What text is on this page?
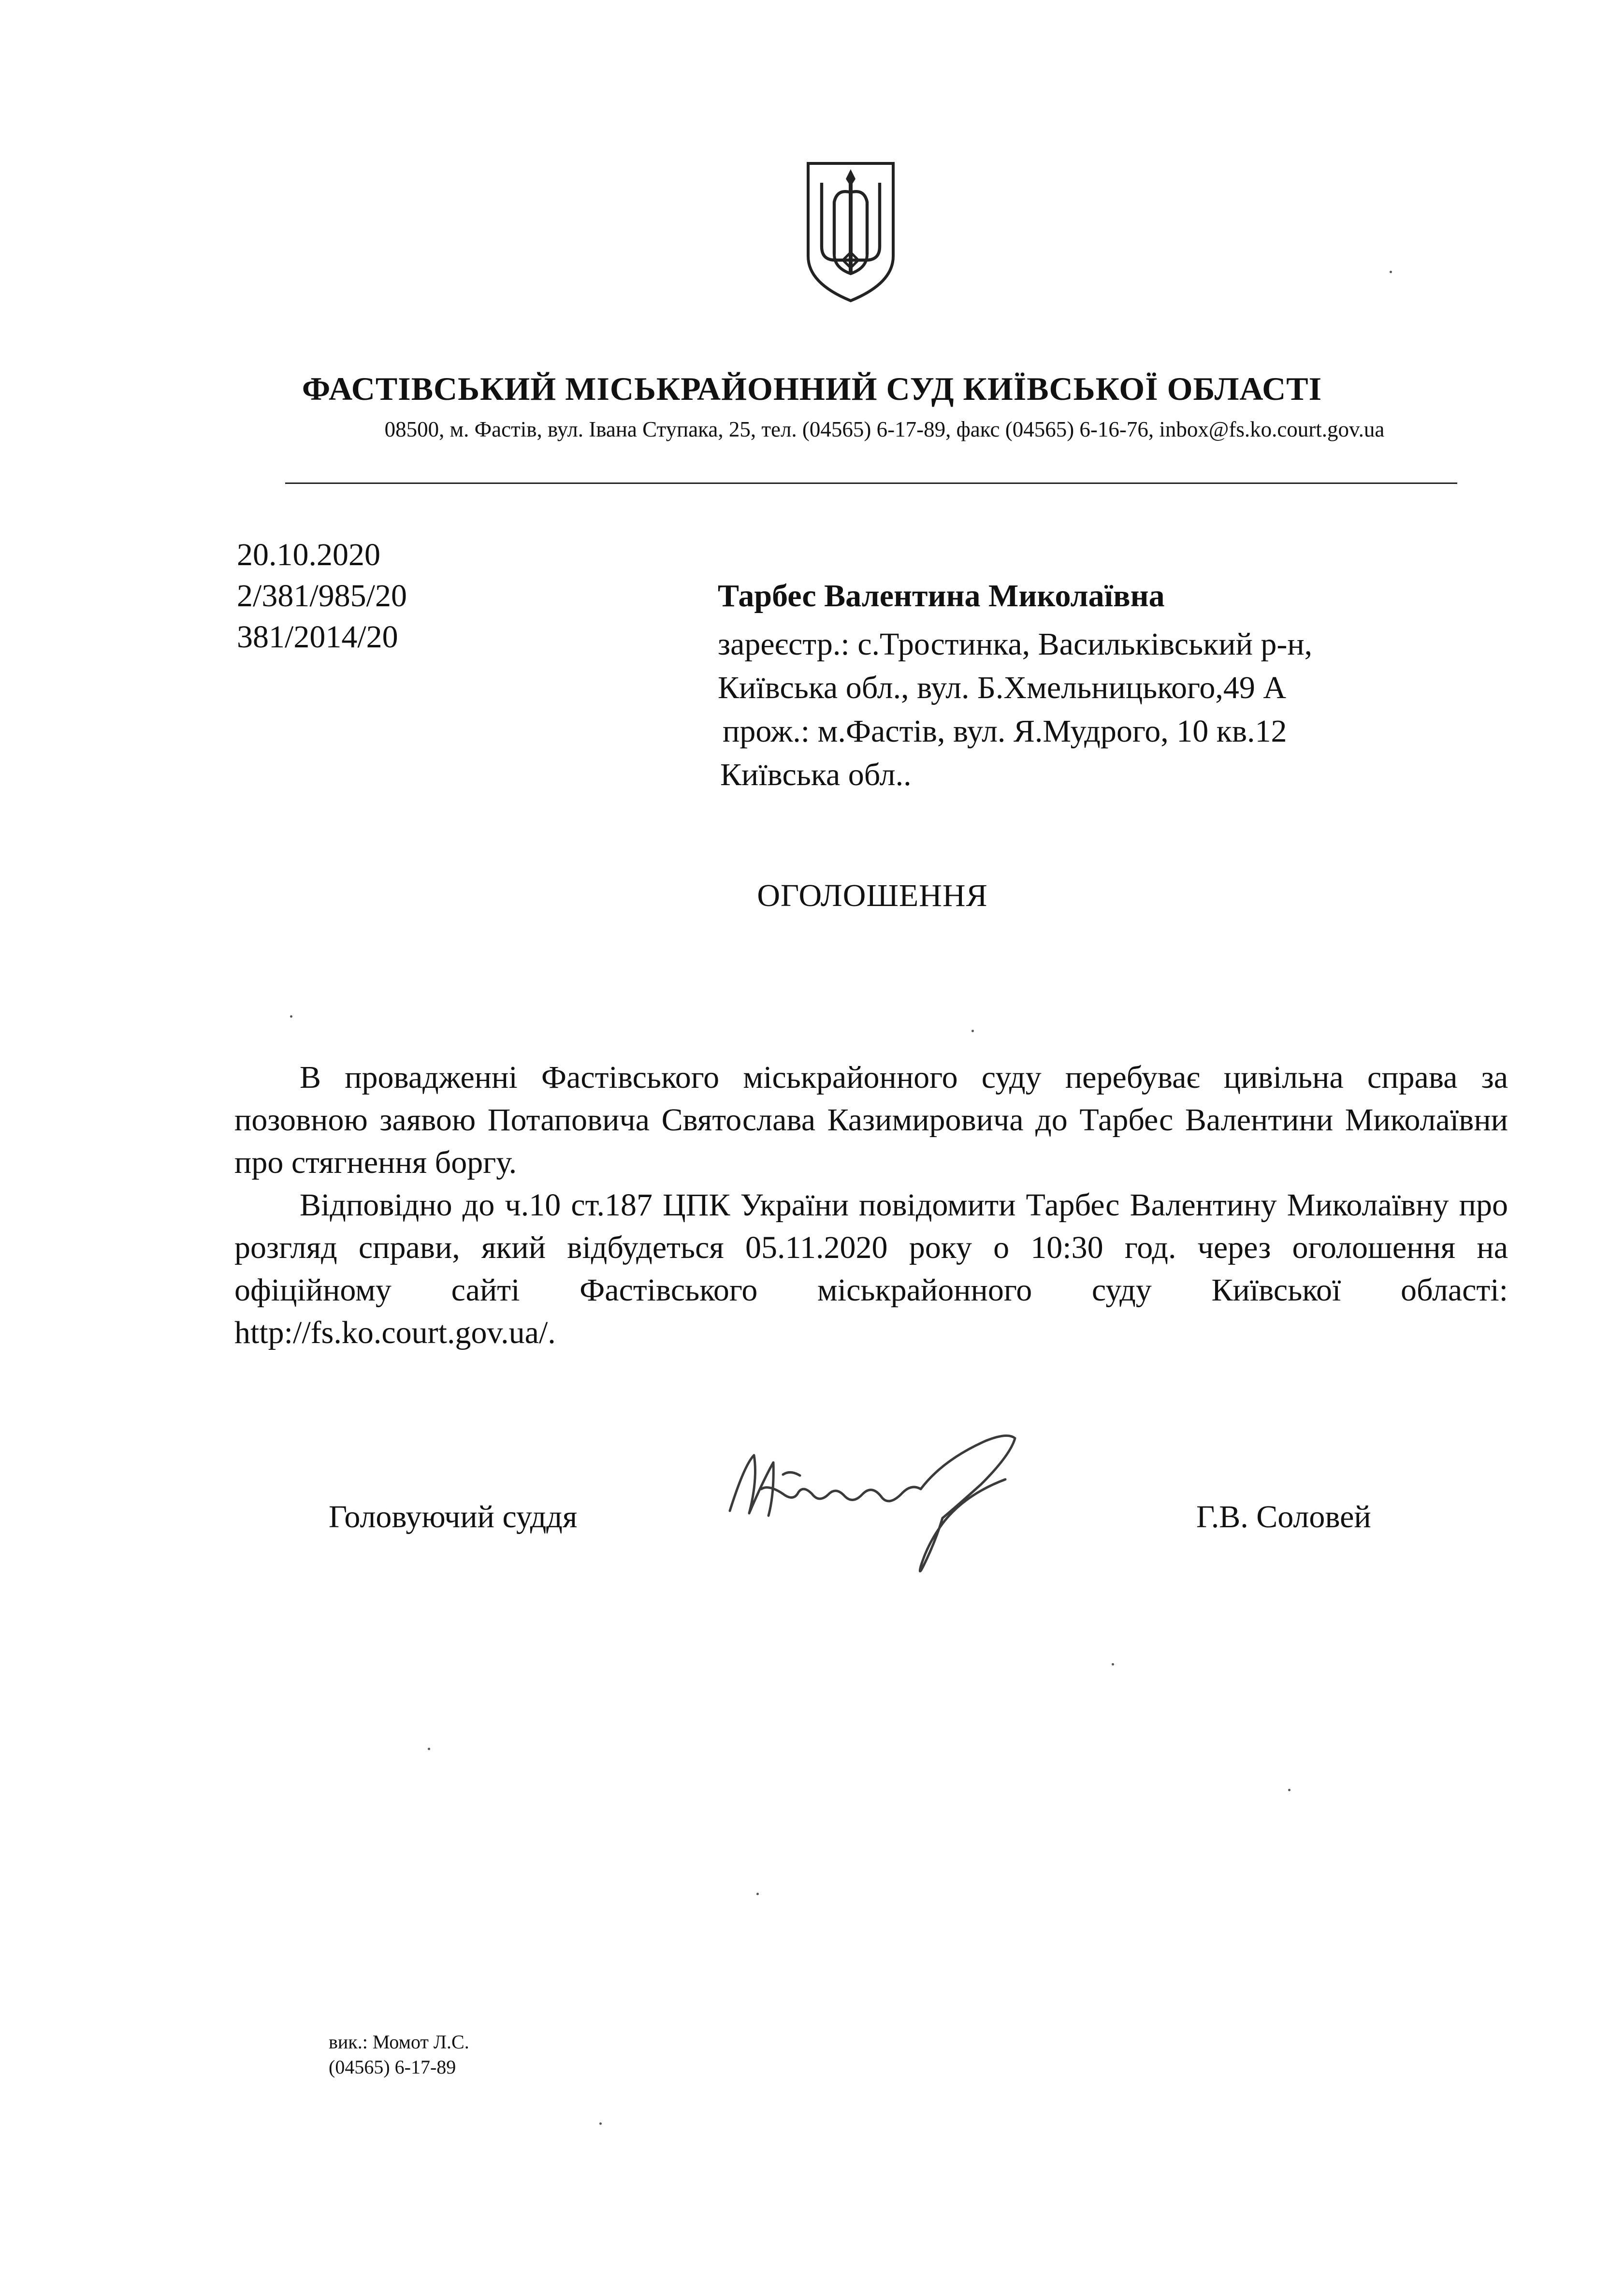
ФАСТІВСЬКИЙ МІСЬКРАЙОННИЙ СУД КИЇВСЬКОЇ ОБЛАСТІ
08500, м. Фастів, вул. Івана Ступака, 25, тел. (04565) 6-17-89, факс (04565) 6-16-76, inbox@fs.ko.court.gov.ua
20.10.2020
2/381/985/20
381/2014/20
Тарбес Валентина Миколаївна
зареєстр.: с.Тростинка, Васильківський р-н,
Київська обл., вул. Б.Хмельницького,49 А
прож.: м.Фастів, вул. Я.Мудрого, 10 кв.12
Київська обл..
ОГОЛОШЕННЯ

В провадженні Фастівського міськрайонного суду перебуває цивільна справа за позовною заявою Потаповича Святослава Казимировича до Тарбес Валентини Миколаївни про стягнення боргу.

Відповідно до ч.10 ст.187 ЦПК України повідомити Тарбес Валентину Миколаївну про розгляд справи, який відбудеться 05.11.2020 року о 10:30 год. через оголошення на офіційному сайті Фастівського міськрайонного суду Київської області: http://fs.ko.court.gov.ua/.

Головуючий суддя	Г.В. Соловей
вик.: Момот Л.С.
(04565) 6-17-89
